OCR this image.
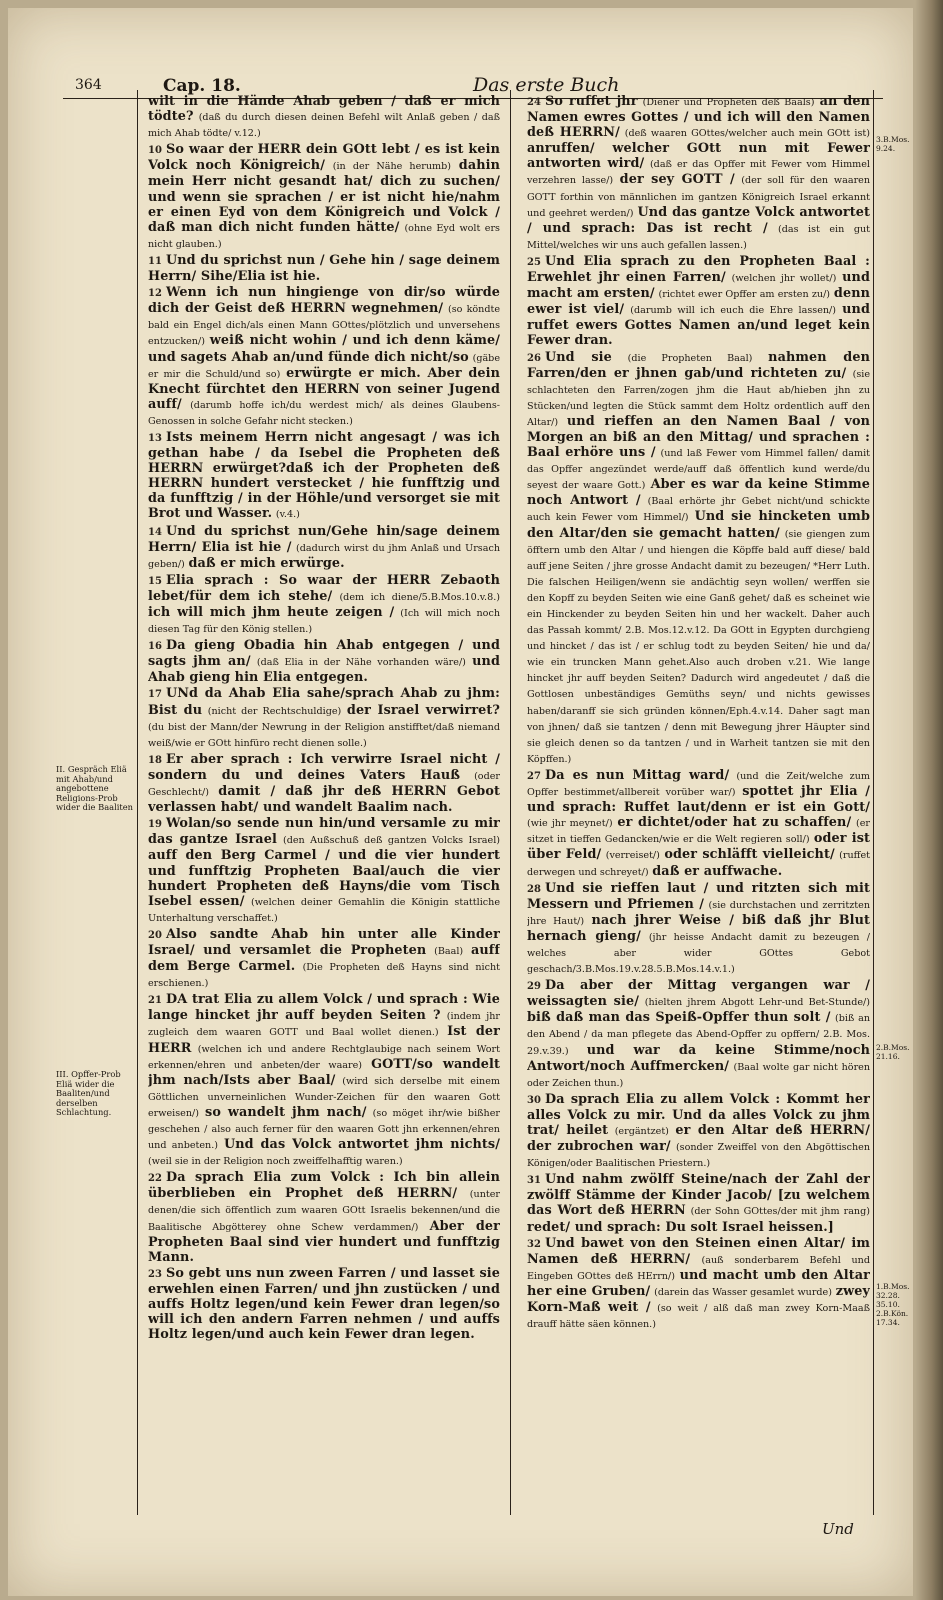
364	Cap. 18.	Das erste Buch
II. Gespräch Eliä mit Ahab/und angebottene Religions-Prob wider die Baaliten
III. Opffer-Prob Eliä wider die Baaliten/und derselben Schlachtung.
3.B.Mos. 9.24.
2.B.Mos. 21.16.
1.B.Mos. 32.28. 35.10. 2.B.Kön. 17.34.

wilt in die Hände Ahab geben / daß er mich tödte? (daß du durch diesen deinen Befehl wilt Anlaß geben / daß mich Ahab tödte/ v.12.)

10 So waar der HERR dein GOtt lebt / es ist kein Volck noch Königreich/ (in der Nähe herumb) dahin mein Herr nicht gesandt hat/ dich zu suchen/ und wenn sie sprachen / er ist nicht hie/nahm er einen Eyd von dem Königreich und Volck / daß man dich nicht funden hätte/ (ohne Eyd wolt ers nicht glauben.)

11 Und du sprichst nun / Gehe hin / sage deinem Herrn/ Sihe/Elia ist hie.

12 Wenn ich nun hingienge von dir/so würde dich der Geist deß HERRN wegnehmen/ (so köndte bald ein Engel dich/als einen Mann GOttes/plötzlich und unversehens entzucken/) weiß nicht wohin / und ich denn käme/ und sagets Ahab an/und fünde dich nicht/so (gäbe er mir die Schuld/und so) erwürgte er mich. Aber dein Knecht fürchtet den HERRN von seiner Jugend auff/ (darumb hoffe ich/du werdest mich/ als deines Glaubens-Genossen in solche Gefahr nicht stecken.)

13 Ists meinem Herrn nicht angesagt / was ich gethan habe / da Isebel die Propheten deß HERRN erwürget?daß ich der Propheten deß HERRN hundert verstecket / hie funfftzig und da funfftzig / in der Höhle/und versorget sie mit Brot und Wasser. (v.4.)

14 Und du sprichst nun/Gehe hin/sage deinem Herrn/ Elia ist hie / (dadurch wirst du jhm Anlaß und Ursach geben/) daß er mich erwürge.

15 Elia sprach : So waar der HERR Zebaoth lebet/für dem ich stehe/ (dem ich diene/5.B.Mos.10.v.8.) ich will mich jhm heute zeigen / (Ich will mich noch diesen Tag für den König stellen.)

16 Da gieng Obadia hin Ahab entgegen / und sagts jhm an/ (daß Elia in der Nähe vorhanden wäre/) und Ahab gieng hin Elia entgegen.

17 UNd da Ahab Elia sahe/sprach Ahab zu jhm: Bist du (nicht der Rechtschuldige) der Israel verwirret? (du bist der Mann/der Newrung in der Religion anstifftet/daß niemand weiß/wie er GOtt hinfüro recht dienen solle.)

18 Er aber sprach : Ich verwirre Israel nicht / sondern du und deines Vaters Hauß (oder Geschlecht/) damit / daß jhr deß HERRN Gebot verlassen habt/ und wandelt Baalim nach.

19 Wolan/so sende nun hin/und versamle zu mir das gantze Israel (den Außschuß deß gantzen Volcks Israel) auff den Berg Carmel / und die vier hundert und funfftzig Propheten Baal/auch die vier hundert Propheten deß Hayns/die vom Tisch Isebel essen/ (welchen deiner Gemahlin die Königin stattliche Unterhaltung verschaffet.)

20 Also sandte Ahab hin unter alle Kinder Israel/ und versamlet die Propheten (Baal) auff dem Berge Carmel. (Die Propheten deß Hayns sind nicht erschienen.)

21 DA trat Elia zu allem Volck / und sprach : Wie lange hincket jhr auff beyden Seiten ? (indem jhr zugleich dem waaren GOTT und Baal wollet dienen.) Ist der HERR (welchen ich und andere Rechtglaubige nach seinem Wort erkennen/ehren und anbeten/der waare) GOTT/so wandelt jhm nach/Ists aber Baal/ (wird sich derselbe mit einem Göttlichen unverneinlichen Wunder-Zeichen für den waaren Gott erweisen/) so wandelt jhm nach/ (so möget ihr/wie bißher geschehen / also auch ferner für den waaren Gott jhn erkennen/ehren und anbeten.) Und das Volck antwortet jhm nichts/ (weil sie in der Religion noch zweiffelhafftig waren.)

22 Da sprach Elia zum Volck : Ich bin allein überblieben ein Prophet deß HERRN/ (unter denen/die sich öffentlich zum waaren GOtt Israelis bekennen/und die Baalitische Abgötterey ohne Schew verdammen/) Aber der Propheten Baal sind vier hundert und funfftzig Mann.

23 So gebt uns nun zween Farren / und lasset sie erwehlen einen Farren/ und jhn zustücken / und auffs Holtz legen/und kein Fewer dran legen/so will ich den andern Farren nehmen / und auffs Holtz legen/und auch kein Fewer dran legen.

24 So ruffet jhr (Diener und Propheten deß Baals) an den Namen ewres Gottes / und ich will den Namen deß HERRN/ (deß waaren GOttes/welcher auch mein GOtt ist) anruffen/ welcher GOtt nun mit Fewer antworten wird/ (daß er das Opffer mit Fewer vom Himmel verzehren lasse/) der sey GOTT / (der soll für den waaren GOTT forthin von männlichen im gantzen Königreich Israel erkannt und geehret werden/) Und das gantze Volck antwortet / und sprach: Das ist recht / (das ist ein gut Mittel/welches wir uns auch gefallen lassen.)

25 Und Elia sprach zu den Propheten Baal : Erwehlet jhr einen Farren/ (welchen jhr wollet/) und macht am ersten/ (richtet ewer Opffer am ersten zu/) denn ewer ist viel/ (darumb will ich euch die Ehre lassen/) und ruffet ewers Gottes Namen an/und leget kein Fewer dran.

26 Und sie (die Propheten Baal) nahmen den Farren/den er jhnen gab/und richteten zu/ (sie schlachteten den Farren/zogen jhm die Haut ab/hieben jhn zu Stücken/und legten die Stück sammt dem Holtz ordentlich auff den Altar/) und rieffen an den Namen Baal / von Morgen an biß an den Mittag/ und sprachen : Baal erhöre uns / (und laß Fewer vom Himmel fallen/ damit das Opffer angezündet werde/auff daß öffentlich kund werde/du seyest der waare Gott.) Aber es war da keine Stimme noch Antwort / (Baal erhörte jhr Gebet nicht/und schickte auch kein Fewer vom Himmel/) Und sie hincketen umb den Altar/den sie gemacht hatten/ (sie giengen zum öfftern umb den Altar / und hiengen die Köpffe bald auff diese/ bald auff jene Seiten / jhre grosse Andacht damit zu bezeugen/ *Herr Luth. Die falschen Heiligen/wenn sie andächtig seyn wollen/ werffen sie den Kopff zu beyden Seiten wie eine Ganß gehet/ daß es scheinet wie ein Hinckender zu beyden Seiten hin und her wackelt. Daher auch das Passah kommt/ 2.B. Mos.12.v.12. Da GOtt in Egypten durchgieng und hincket / das ist / er schlug todt zu beyden Seiten/ hie und da/ wie ein truncken Mann gehet.Also auch droben v.21. Wie lange hincket jhr auff beyden Seiten? Dadurch wird angedeutet / daß die Gottlosen unbeständiges Gemüths seyn/ und nichts gewisses haben/daranff sie sich gründen können/Eph.4.v.14. Daher sagt man von jhnen/ daß sie tantzen / denn mit Bewegung jhrer Häupter sind sie gleich denen so da tantzen / und in Warheit tantzen sie mit den Köpffen.)

27 Da es nun Mittag ward/ (und die Zeit/welche zum Opffer bestimmet/allbereit vorüber war/) spottet jhr Elia / und sprach: Ruffet laut/denn er ist ein Gott/ (wie jhr meynet/) er dichtet/oder hat zu schaffen/ (er sitzet in tieffen Gedancken/wie er die Welt regieren soll/) oder ist über Feld/ (verreiset/) oder schläfft vielleicht/ (ruffet derwegen und schreyet/) daß er auffwache.

28 Und sie rieffen laut / und ritzten sich mit Messern und Pfriemen / (sie durchstachen und zerritzten jhre Haut/) nach jhrer Weise / biß daß jhr Blut hernach gieng/ (jhr heisse Andacht damit zu bezeugen / welches aber wider GOttes Gebot geschach/3.B.Mos.19.v.28.5.B.Mos.14.v.1.)

29 Da aber der Mittag vergangen war / weissagten sie/ (hielten jhrem Abgott Lehr-und Bet-Stunde/) biß daß man das Speiß-Opffer thun solt / (biß an den Abend / da man pflegete das Abend-Opffer zu opffern/ 2.B. Mos. 29.v.39.) und war da keine Stimme/noch Antwort/noch Auffmercken/ (Baal wolte gar nicht hören oder Zeichen thun.)

30 Da sprach Elia zu allem Volck : Kommt her alles Volck zu mir. Und da alles Volck zu jhm trat/ heilet (ergäntzet) er den Altar deß HERRN/ der zubrochen war/ (sonder Zweiffel von den Abgöttischen Königen/oder Baalitischen Priestern.)

31 Und nahm zwölff Steine/nach der Zahl der zwölff Stämme der Kinder Jacob/ [zu welchem das Wort deß HERRN (der Sohn GOttes/der mit jhm rang) redet/ und sprach: Du solt Israel heissen.]

32 Und bawet von den Steinen einen Altar/ im Namen deß HERRN/ (auß sonderbarem Befehl und Eingeben GOttes deß HErrn/) und macht umb den Altar her eine Gruben/ (darein das Wasser gesamlet wurde) zwey Korn-Maß weit / (so weit / alß daß man zwey Korn-Maaß drauff hätte säen können.)

Und
